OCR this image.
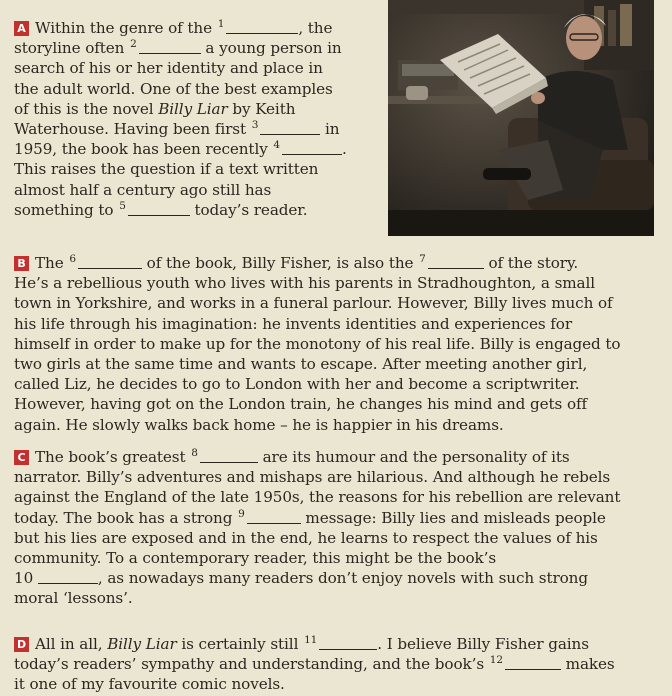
A Within the genre of the $^1$	, the
storyline often $^2$	a young person in
search of his or her identity and place in
the adult world. One of the best examples
of this is the novel Billy Liar by Keith
Waterhouse. Having been first $^3$	in
1959, the book has been recently $^4$	.
This raises the question if a text written
almost half a century ago still has
something to $^5$	today’s reader.
B The $^6$	of the book, Billy Fisher, is also the $^7$	of the story.
He’s a rebellious youth who lives with his parents in Stradhoughton, a small
town in Yorkshire, and works in a funeral parlour. However, Billy lives much of
his life through his imagination: he invents identities and experiences for
himself in order to make up for the monotony of his real life. Billy is engaged to
two girls at the same time and wants to escape. After meeting another girl,
called Liz, he decides to go to London with her and become a scriptwriter.
However, having got on the London train, he changes his mind and gets off
again. He slowly walks back home – he is happier in his dreams.
C The book’s greatest $^8$	are its humour and the personality of its
narrator. Billy’s adventures and mishaps are hilarious. And although he rebels
against the England of the late 1950s, the reasons for his rebellion are relevant
today. The book has a strong $^9$	message: Billy lies and misleads people
but his lies are exposed and in the end, he learns to respect the values of his
community. To a contemporary reader, this might be the book’s
10	, as nowadays many readers don’t enjoy novels with such strong
moral ‘lessons’.
D All in all, Billy Liar is certainly still $^{11}$	. I believe Billy Fisher gains
today’s readers’ sympathy and understanding, and the book’s $^{12}$	makes
it one of my favourite comic novels.
